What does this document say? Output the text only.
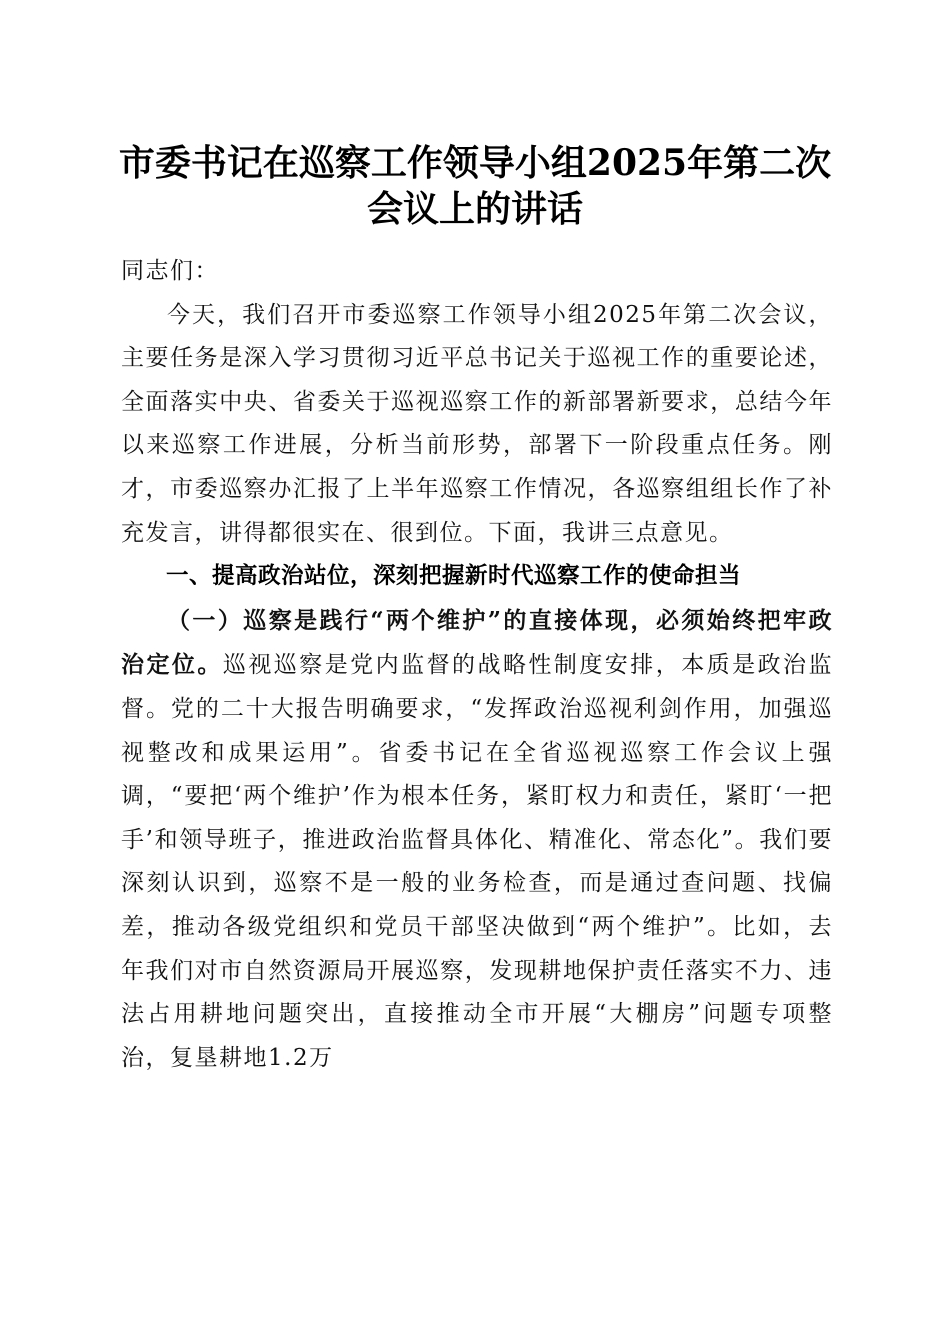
市委书记在巡察工作领导小组2025年第二次
会议上的讲话

同志们：

今天，我们召开市委巡察工作领导小组2025年第二次会议，主要任务是深入学习贯彻习近平总书记关于巡视工作的重要论述，全面落实中央、省委关于巡视巡察工作的新部署新要求，总结今年以来巡察工作进展，分析当前形势，部署下一阶段重点任务。刚才，市委巡察办汇报了上半年巡察工作情况，各巡察组组长作了补充发言，讲得都很实在、很到位。下面，我讲三点意见。

一、提高政治站位，深刻把握新时代巡察工作的使命担当

（一）巡察是践行“两个维护”的直接体现，必须始终把牢政治定位。巡视巡察是党内监督的战略性制度安排，本质是政治监督。党的二十大报告明确要求，“发挥政治巡视利剑作用，加强巡视整改和成果运用”。省委书记在全省巡视巡察工作会议上强调，“要把‘两个维护’作为根本任务，紧盯权力和责任，紧盯‘一把手’和领导班子，推进政治监督具体化、精准化、常态化”。我们要深刻认识到，巡察不是一般的业务检查，而是通过查问题、找偏差，推动各级党组织和党员干部坚决做到“两个维护”。比如，去年我们对市自然资源局开展巡察，发现耕地保护责任落实不力、违法占用耕地问题突出，直接推动全市开展“大棚房”问题专项整治，复垦耕地1.2万
